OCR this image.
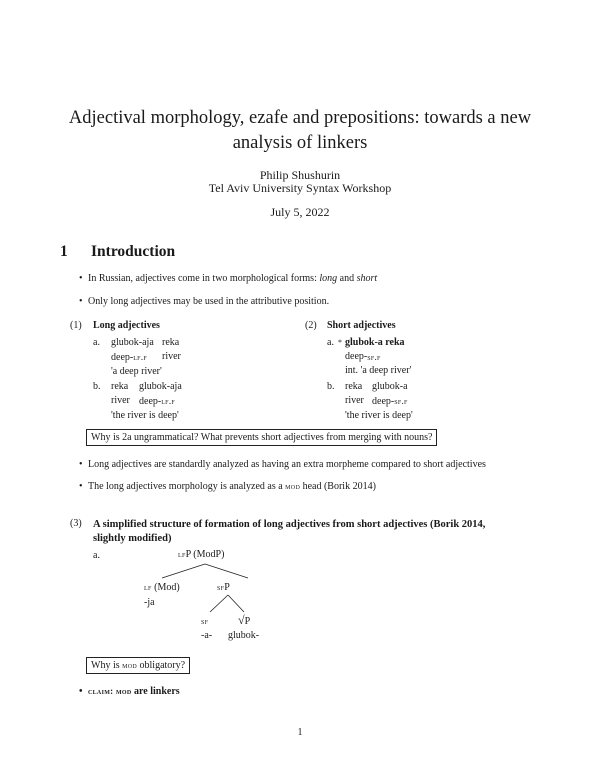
Adjectival morphology, ezafe and prepositions: towards a new
analysis of linkers
Philip Shushurin
Tel Aviv University Syntax Workshop
July 5, 2022
1 Introduction
• In Russian, adjectives come in two morphological forms: long and short
• Only long adjectives may be used in the attributive position.
(1) Long adjectives
a. glubok-aja reka
deep-lf.f	river
'a deep river'
b. reka	glubok-aja
river deep-lf.f
'the river is deep'
(2) Short adjectives
a. * glubok-a reka
deep- sf.f
int. 'a deep river'
b. reka glubok-a
river deep-sf.f
'the river is deep'
Why is 2a ungrammatical? What prevents short adjectives from merging with nouns?
• Long adjectives are standardly analyzed as having an extra morpheme compared to short adjectives
• The long adjectives morphology is analyzed as a mod head (Borik 2014)
(3) A simplified structure of formation of long adjectives from short adjectives (Borik 2014,
slightly modified)
a.	lfP (ModP)
lf (Mod)
-ja
sfP
sf
-a-
√P
glubok-
Why is mod obligatory?
• claim: mod are linkers
1
